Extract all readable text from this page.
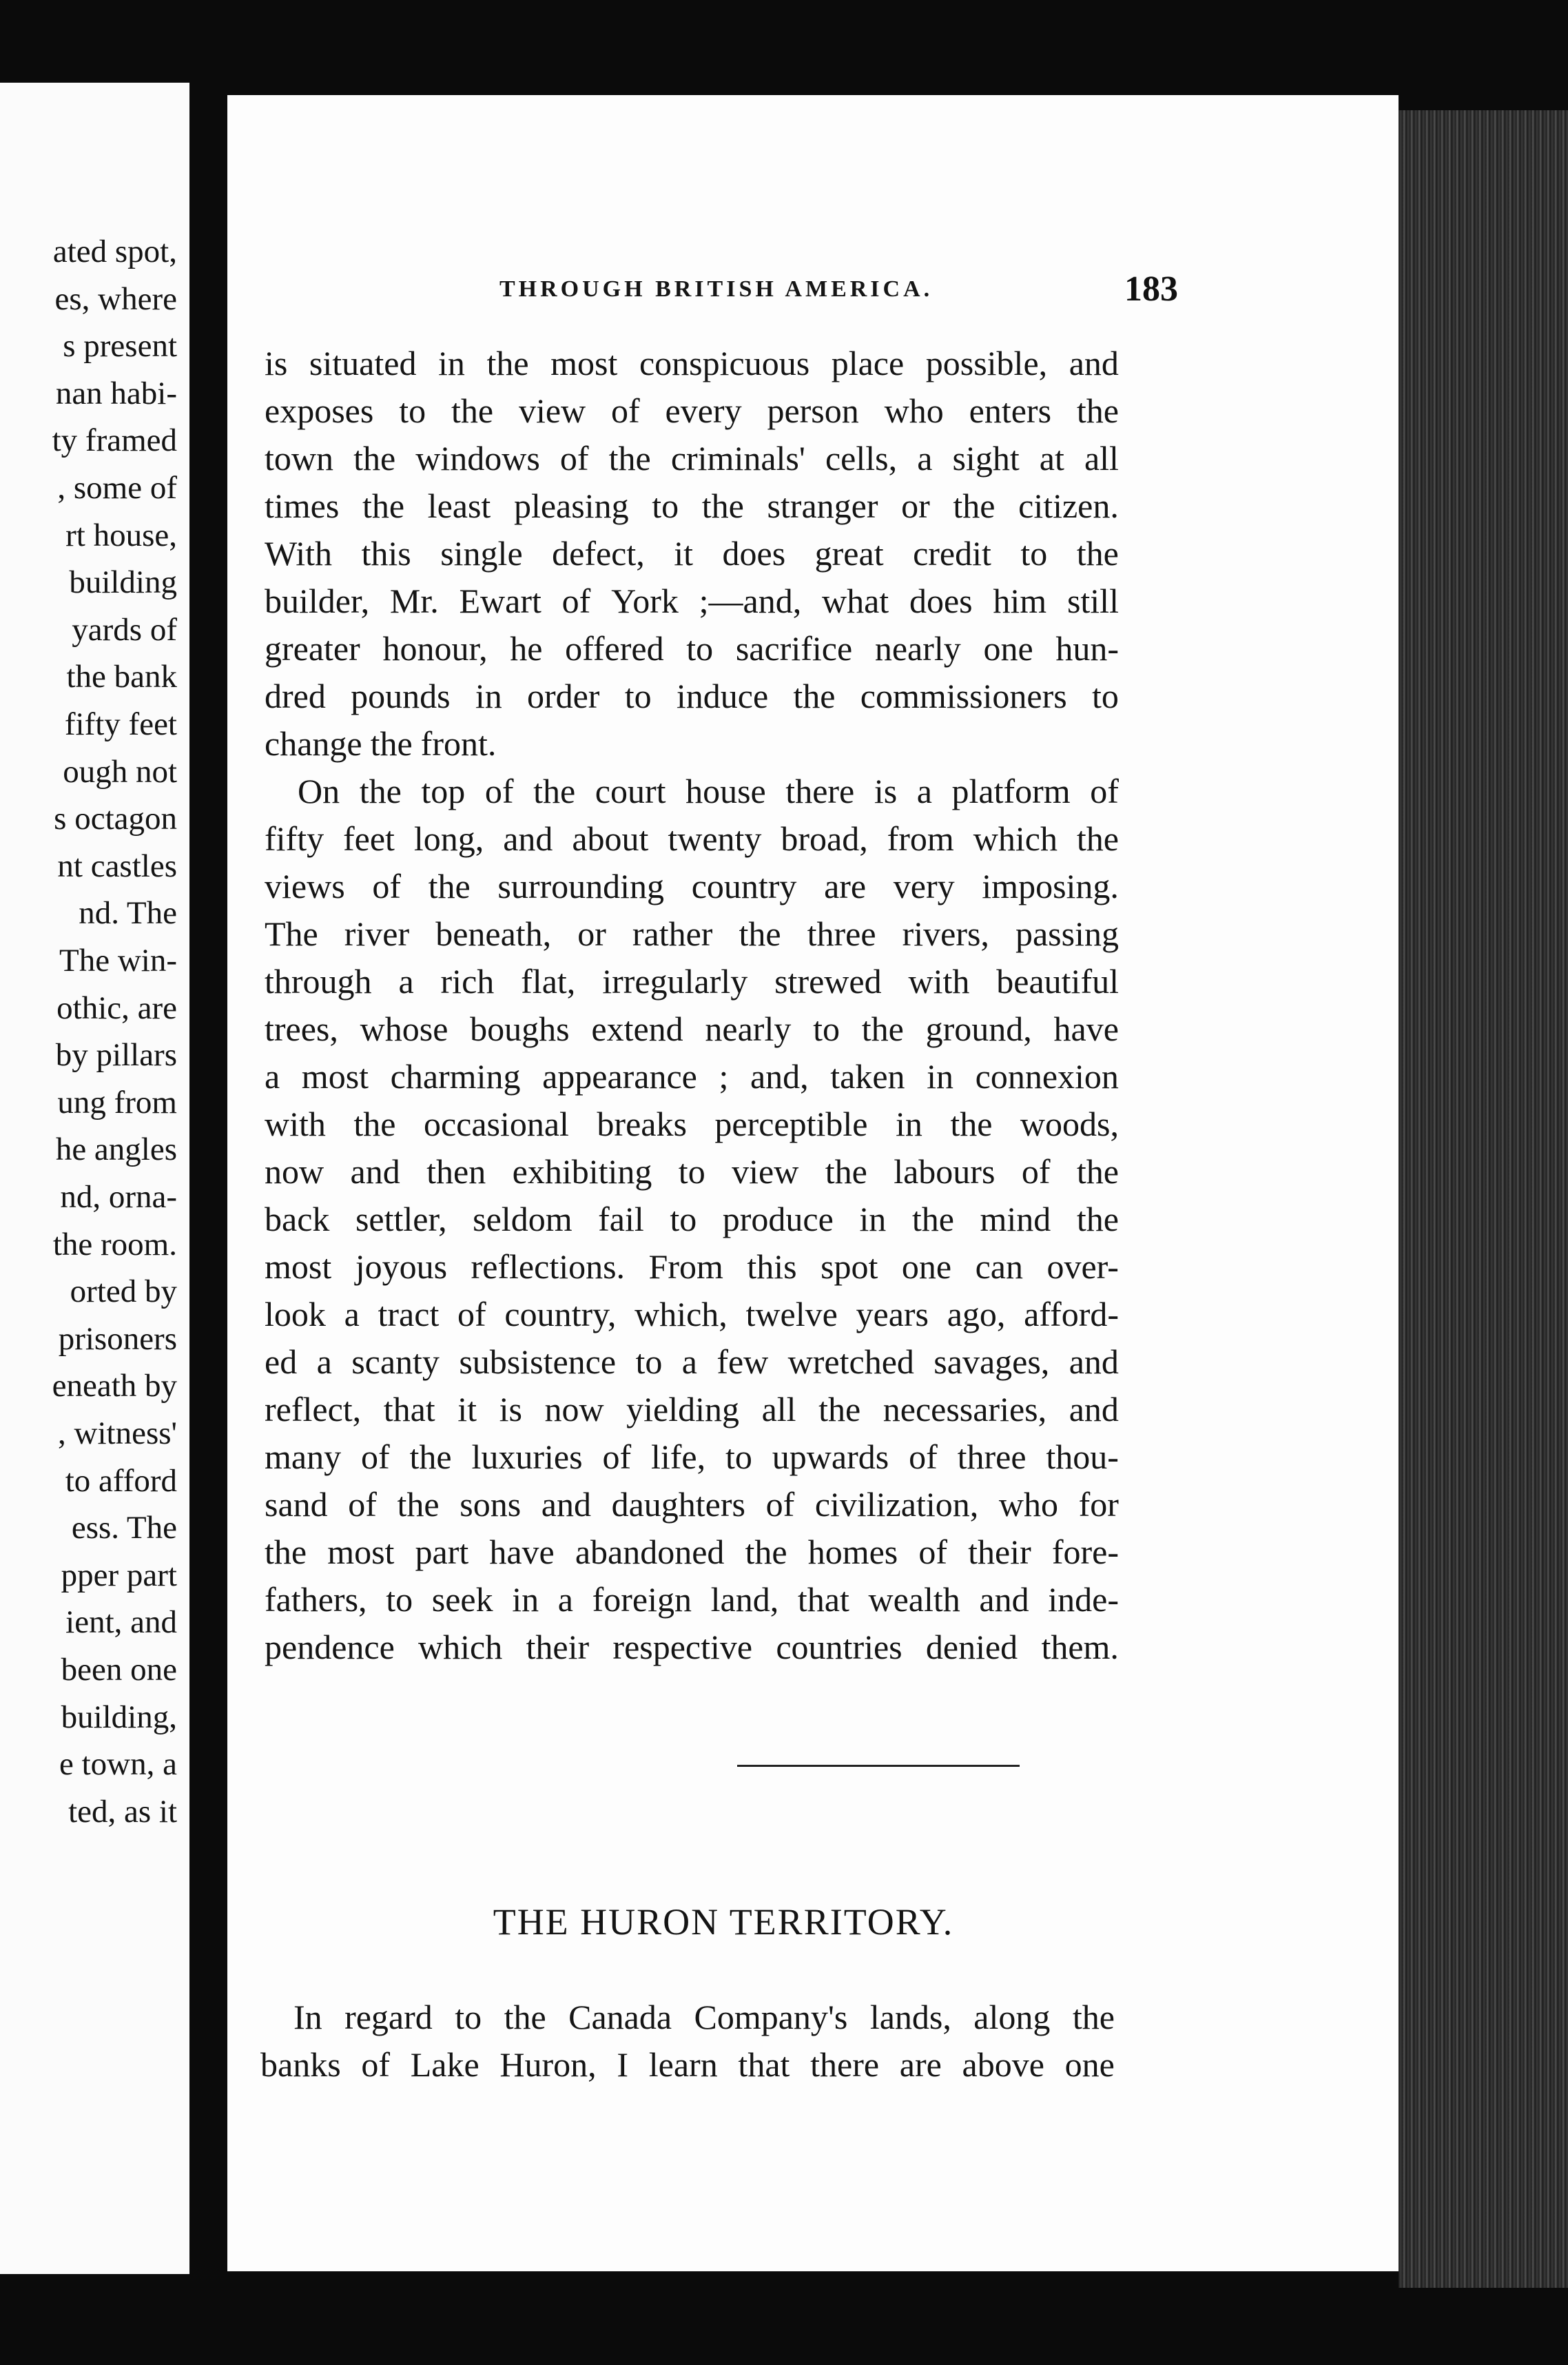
ated spot,
es, where
s present
nan habi-
ty framed
, some of
rt house,
building
yards of
the bank
fifty feet
ough not
s octagon
nt castles
nd. The
The win-
othic, are
by pillars
ung from
he angles
nd, orna-
the room.
orted by
prisoners
eneath by
, witness'
to afford
ess. The
pper part
ient, and
been one
building,
e town, a
ted, as it
THROUGH BRITISH AMERICA.	183
is situated in the most conspicuous place possible, and
exposes to the view of every person who enters the
town the windows of the criminals' cells, a sight at all
times the least pleasing to the stranger or the citizen.
With this single defect, it does great credit to the
builder, Mr. Ewart of York ;—and, what does him still
greater honour, he offered to sacrifice nearly one hun-
dred pounds in order to induce the commissioners to
change the front.
On the top of the court house there is a platform of
fifty feet long, and about twenty broad, from which the
views of the surrounding country are very imposing.
The river beneath, or rather the three rivers, passing
through a rich flat, irregularly strewed with beautiful
trees, whose boughs extend nearly to the ground, have
a most charming appearance ; and, taken in connexion
with the occasional breaks perceptible in the woods,
now and then exhibiting to view the labours of the
back settler, seldom fail to produce in the mind the
most joyous reflections. From this spot one can over-
look a tract of country, which, twelve years ago, afford-
ed a scanty subsistence to a few wretched savages, and
reflect, that it is now yielding all the necessaries, and
many of the luxuries of life, to upwards of three thou-
sand of the sons and daughters of civilization, who for
the most part have abandoned the homes of their fore-
fathers, to seek in a foreign land, that wealth and inde-
pendence which their respective countries denied them.
THE HURON TERRITORY.
In regard to the Canada Company's lands, along the
banks of Lake Huron, I learn that there are above one
